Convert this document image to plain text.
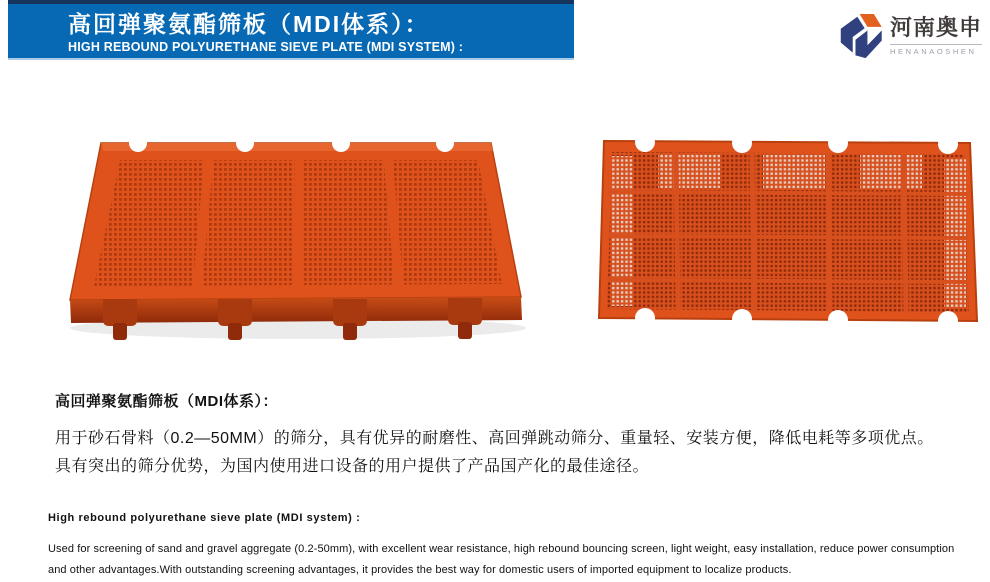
高回弹聚氨酯筛板（MDI体系）：
HIGH REBOUND POLYURETHANE SIEVE PLATE (MDI SYSTEM) :
河南奥申
HENANAOSHEN
高回弹聚氨酯筛板（MDI体系）：
用于砂石骨料（0.2—50MM）的筛分，具有优异的耐磨性、高回弹跳动筛分、重量轻、安装方便，降低电耗等多项优点。
具有突出的筛分优势，为国内使用进口设备的用户提供了产品国产化的最佳途径。
High rebound polyurethane sieve plate (MDI system) :
Used for screening of sand and gravel aggregate (0.2-50mm), with excellent wear resistance, high rebound bouncing screen, light weight, easy installation, reduce power consumption
and other advantages.With outstanding screening advantages, it provides the best way for domestic users of imported equipment to localize products.
